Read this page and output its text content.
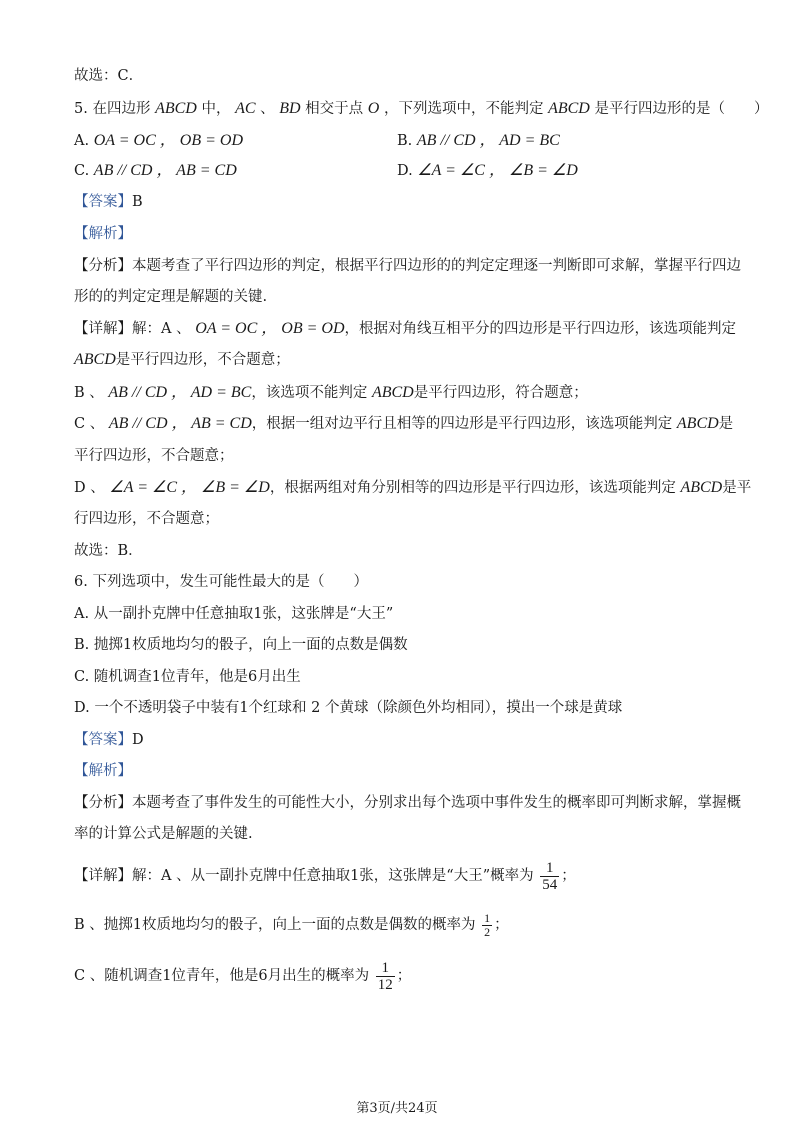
故选：C．
5. 在四边形 ABCD 中， AC 、 BD 相交于点 O ，下列选项中，不能判定 ABCD 是平行四边形的是（　　）
A. OA = OC ， OB = OD	B. AB // CD ， AD = BC
C. AB // CD ， AB = CD	D. ∠A = ∠C ， ∠B = ∠D
【答案】B
【解析】
【分析】本题考查了平行四边形的判定，根据平行四边形的的判定定理逐一判断即可求解，掌握平行四边
形的的判定定理是解题的关键.
【详解】解：A 、 OA = OC ， OB = OD，根据对角线互相平分的四边形是平行四边形，该选项能判定
ABCD是平行四边形，不合题意；
B 、 AB // CD ， AD = BC，该选项不能判定 ABCD是平行四边形，符合题意；
C 、 AB // CD ， AB = CD，根据一组对边平行且相等的四边形是平行四边形，该选项能判定 ABCD是
平行四边形，不合题意；
D 、 ∠A = ∠C ， ∠B = ∠D，根据两组对角分别相等的四边形是平行四边形，该选项能判定 ABCD是平
行四边形，不合题意；
故选：B．
6. 下列选项中，发生可能性最大的是（　　）
A. 从一副扑克牌中任意抽取1张，这张牌是“大王”
B. 抛掷1枚质地均匀的骰子，向上一面的点数是偶数
C. 随机调查1位青年，他是6月出生
D. 一个不透明袋子中装有1个红球和 2 个黄球（除颜色外均相同），摸出一个球是黄球
【答案】D
【解析】
【分析】本题考查了事件发生的可能性大小，分别求出每个选项中事件发生的概率即可判断求解，掌握概
率的计算公式是解题的关键.
【详解】解：A 、从一副扑克牌中任意抽取1张，这张牌是“大王”概率为 $\frac{1}{54}$ ；
B 、抛掷1枚质地均匀的骰子，向上一面的点数是偶数的概率为 $\frac{1}{2}$ ；
C 、随机调查1位青年，他是6月出生的概率为 $\frac{1}{12}$ ；
第3页/共24页
